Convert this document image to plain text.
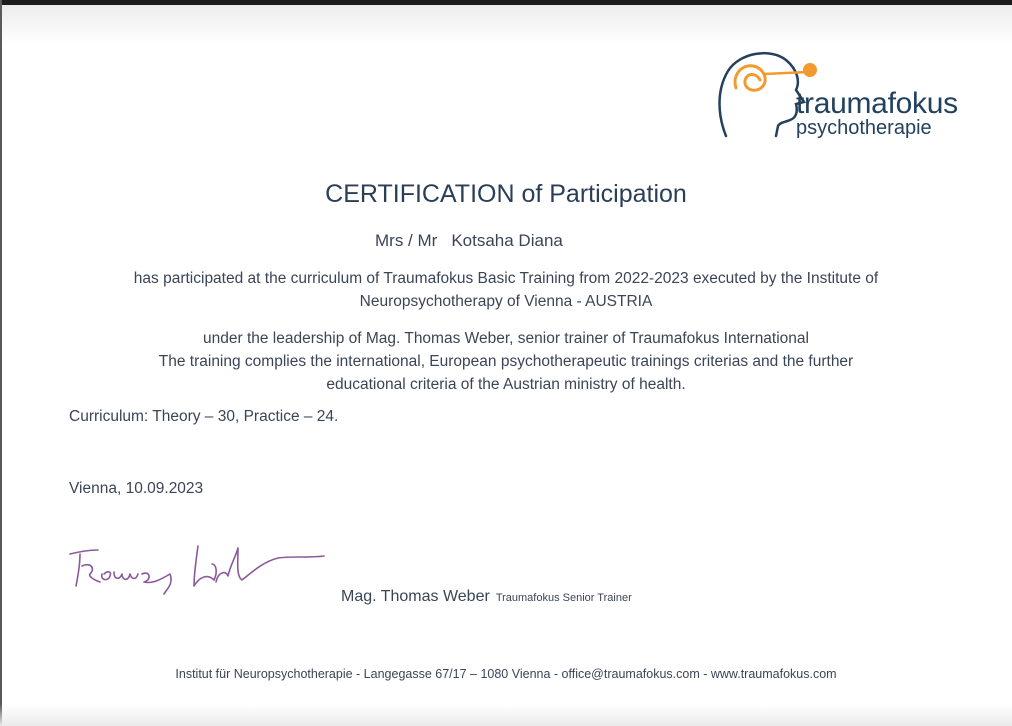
traumafokus
psychotherapie
CERTIFICATION of Participation
Mrs / Mr Kotsaha Diana
has participated at the curriculum of Traumafokus Basic Training from 2022-2023 executed by the Institute of
Neuropsychotherapy of Vienna - AUSTRIA
under the leadership of Mag. Thomas Weber, senior trainer of Traumafokus International
The training complies the international, European psychotherapeutic trainings criterias and the further
educational criteria of the Austrian ministry of health.
Curriculum: Theory – 30, Practice – 24.
Vienna, 10.09.2023
Mag. Thomas Weber Traumafokus Senior Trainer
Institut für Neuropsychotherapie - Langegasse 67/17 – 1080 Vienna - office@traumafokus.com - www.traumafokus.com
